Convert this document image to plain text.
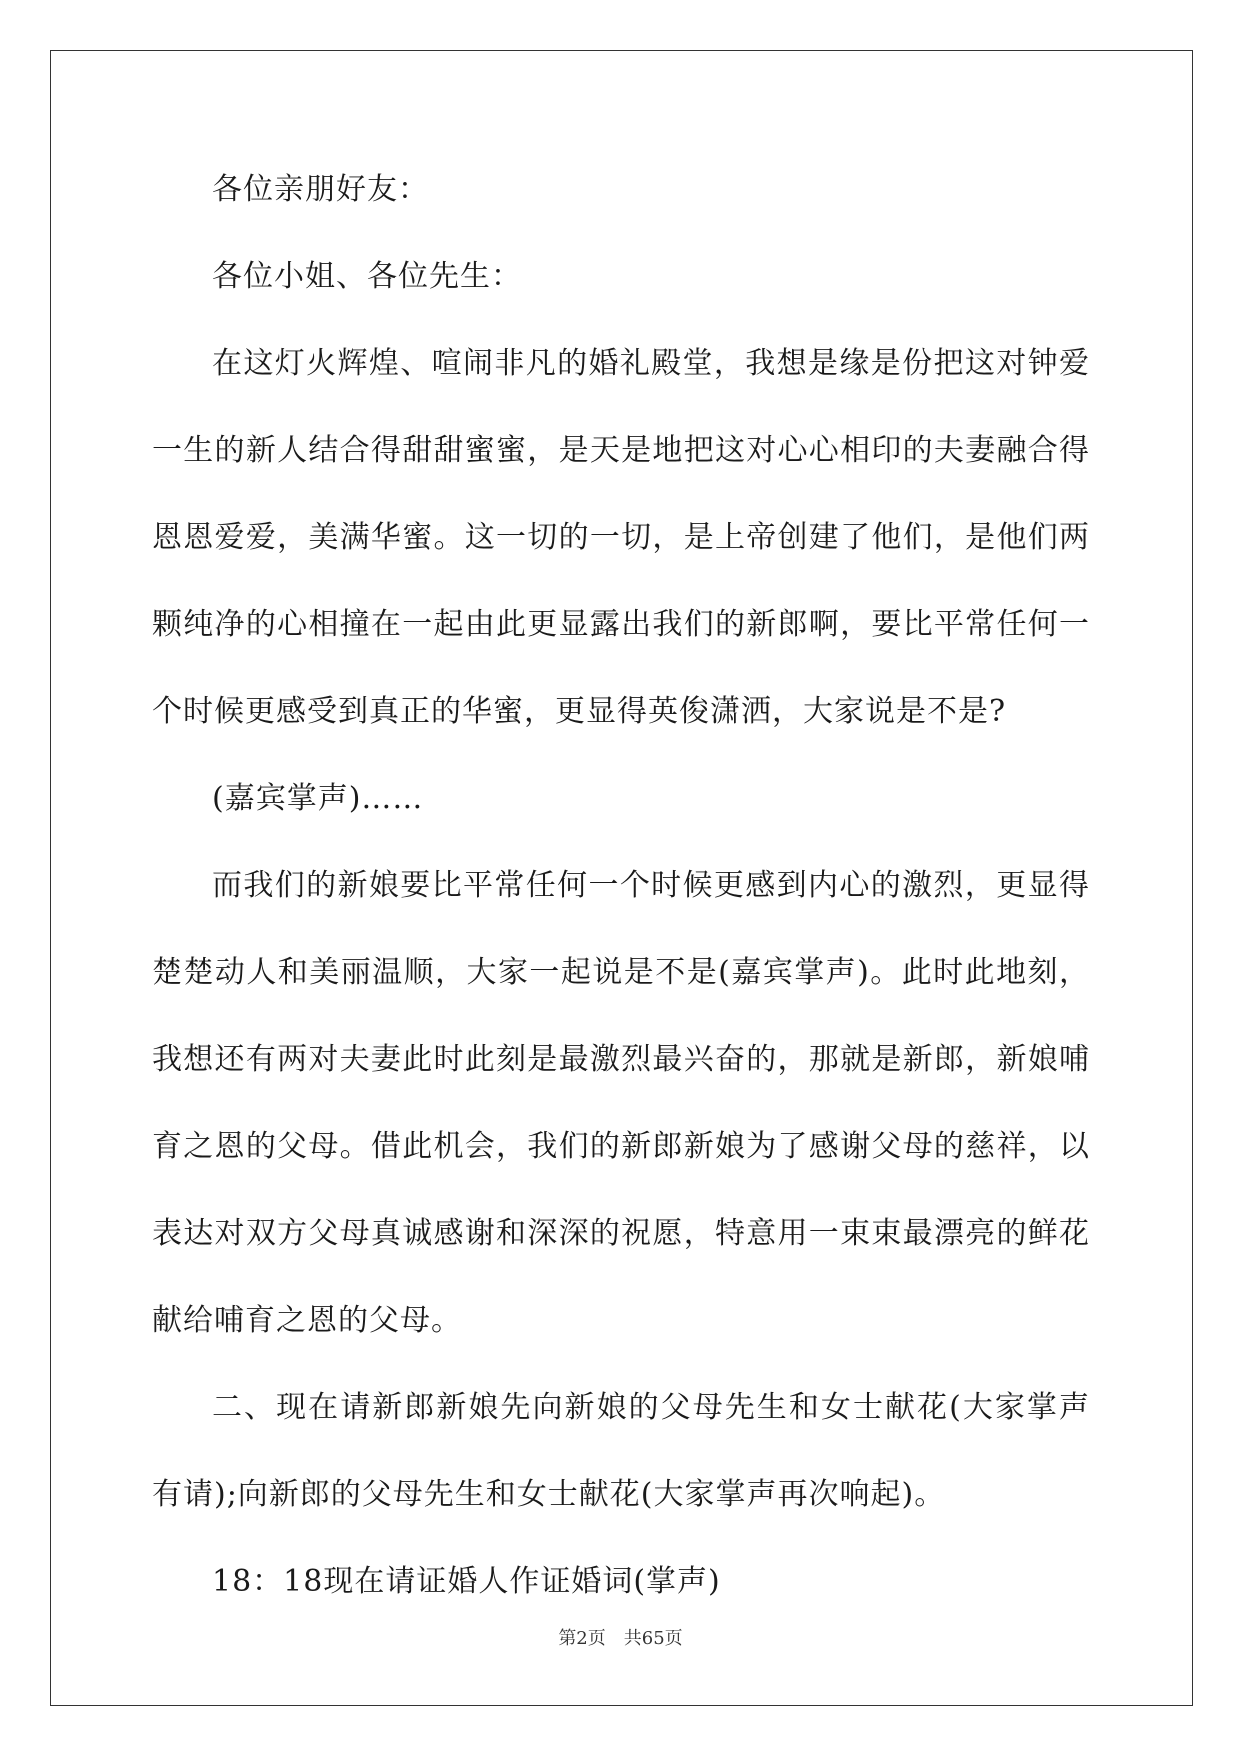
各位亲朋好友：

各位小姐、各位先生：

在这灯火辉煌、喧闹非凡的婚礼殿堂，我想是缘是份把这对钟爱一生的新人结合得甜甜蜜蜜，是天是地把这对心心相印的夫妻融合得恩恩爱爱，美满华蜜。这一切的一切，是上帝创建了他们，是他们两颗纯净的心相撞在一起由此更显露出我们的新郎啊，要比平常任何一个时候更感受到真正的华蜜，更显得英俊潇洒，大家说是不是?

(嘉宾掌声)……

而我们的新娘要比平常任何一个时候更感到内心的激烈，更显得楚楚动人和美丽温顺，大家一起说是不是(嘉宾掌声)。此时此地刻，我想还有两对夫妻此时此刻是最激烈最兴奋的，那就是新郎，新娘哺育之恩的父母。借此机会，我们的新郎新娘为了感谢父母的慈祥，以表达对双方父母真诚感谢和深深的祝愿，特意用一束束最漂亮的鲜花献给哺育之恩的父母。

二、现在请新郎新娘先向新娘的父母先生和女士献花(大家掌声有请);向新郎的父母先生和女士献花(大家掌声再次响起)。

18：18现在请证婚人作证婚词(掌声)

第2页 共65页
